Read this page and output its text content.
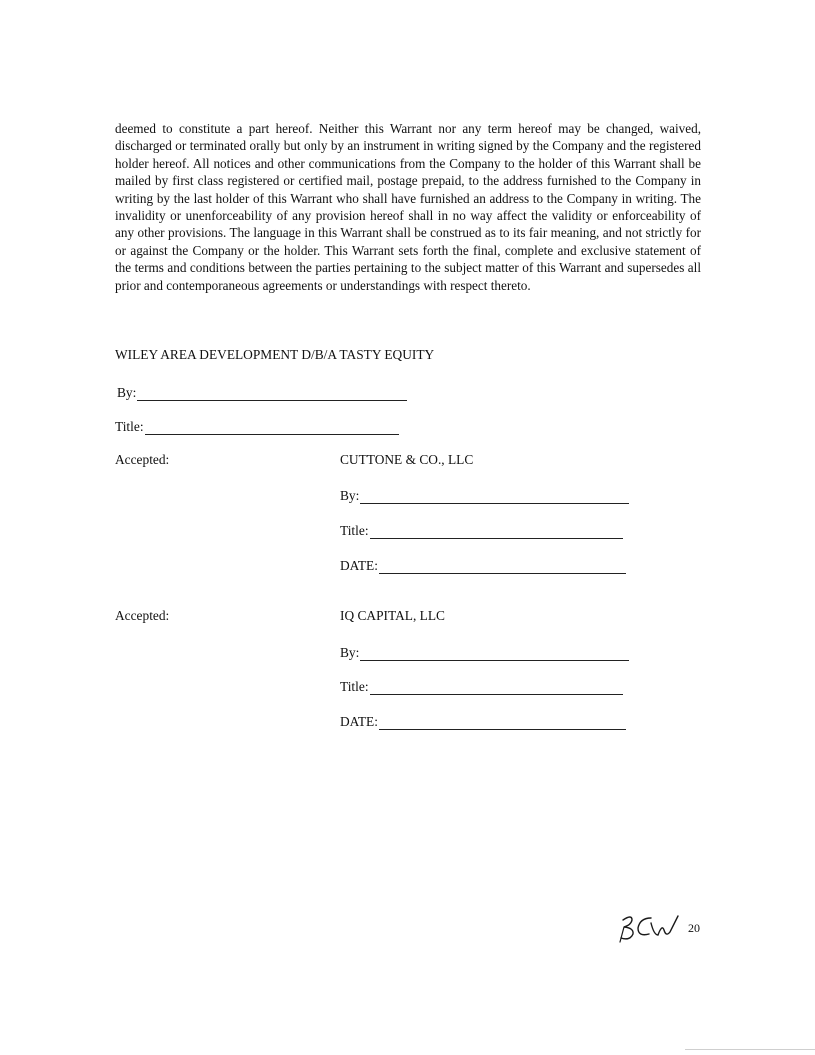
deemed to constitute a part hereof. Neither this Warrant nor any term hereof may be changed, waived, discharged or terminated orally but only by an instrument in writing signed by the Company and the registered holder hereof. All notices and other communications from the Company to the holder of this Warrant shall be mailed by first class registered or certified mail, postage prepaid, to the address furnished to the Company in writing by the last holder of this Warrant who shall have furnished an address to the Company in writing. The invalidity or unenforceability of any provision hereof shall in no way affect the validity or enforceability of any other provisions. The language in this Warrant shall be construed as to its fair meaning, and not strictly for or against the Company or the holder. This Warrant sets forth the final, complete and exclusive statement of the terms and conditions between the parties pertaining to the subject matter of this Warrant and supersedes all prior and contemporaneous agreements or understandings with respect thereto.

WILEY AREA DEVELOPMENT D/B/A TASTY EQUITY
By:
Title:
Accepted:	CUTTONE & CO., LLC
By:
Title:
DATE:
Accepted:	IQ CAPITAL, LLC
By:
Title:
DATE:
20
